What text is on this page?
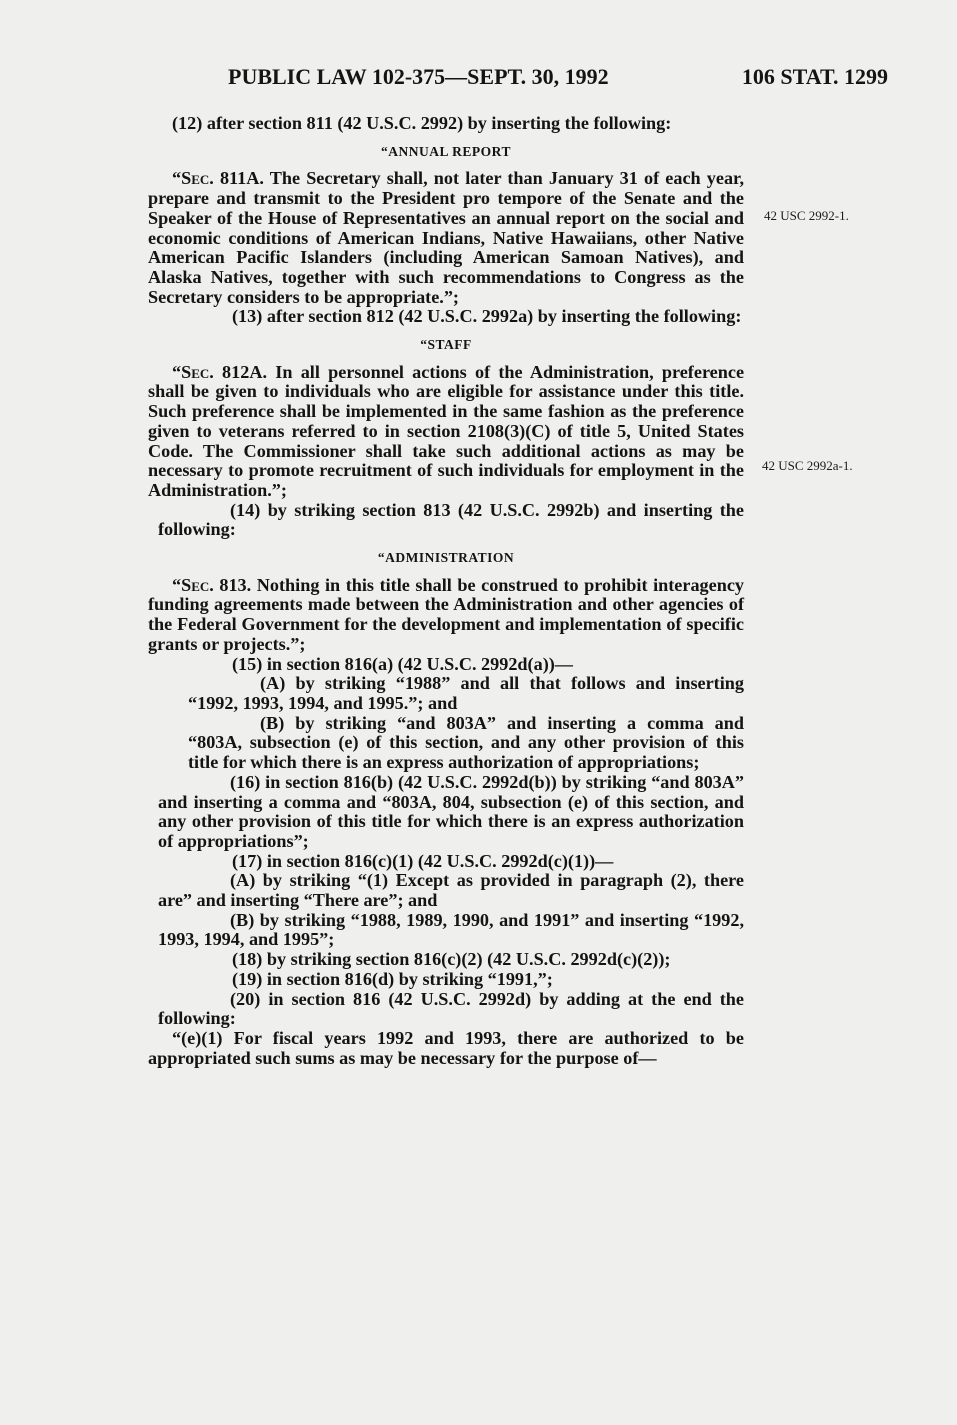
PUBLIC LAW 102-375—SEPT. 30, 1992	106 STAT. 1299
42 USC 2992-1.
42 USC 2992a-1.

(12) after section 811 (42 U.S.C. 2992) by inserting the following:

“ANNUAL REPORT

“Sec. 811A. The Secretary shall, not later than January 31 of each year, prepare and transmit to the President pro tempore of the Senate and the Speaker of the House of Representatives an annual report on the social and economic conditions of American Indians, Native Hawaiians, other Native American Pacific Islanders (including American Samoan Natives), and Alaska Natives, together with such recommendations to Congress as the Secretary considers to be appropriate.”;

(13) after section 812 (42 U.S.C. 2992a) by inserting the following:

“STAFF

“Sec. 812A. In all personnel actions of the Administration, preference shall be given to individuals who are eligible for assistance under this title. Such preference shall be implemented in the same fashion as the preference given to veterans referred to in section 2108(3)(C) of title 5, United States Code. The Commissioner shall take such additional actions as may be necessary to promote recruitment of such individuals for employment in the Administration.”;

(14) by striking section 813 (42 U.S.C. 2992b) and inserting the following:

“ADMINISTRATION

“Sec. 813. Nothing in this title shall be construed to prohibit interagency funding agreements made between the Administration and other agencies of the Federal Government for the development and implementation of specific grants or projects.”;

(15) in section 816(a) (42 U.S.C. 2992d(a))—

(A) by striking “1988” and all that follows and inserting “1992, 1993, 1994, and 1995.”; and

(B) by striking “and 803A” and inserting a comma and “803A, subsection (e) of this section, and any other provision of this title for which there is an express authorization of appropriations;

(16) in section 816(b) (42 U.S.C. 2992d(b)) by striking “and 803A” and inserting a comma and “803A, 804, subsection (e) of this section, and any other provision of this title for which there is an express authorization of appropriations”;

(17) in section 816(c)(1) (42 U.S.C. 2992d(c)(1))—

(A) by striking “(1) Except as provided in paragraph (2), there are” and inserting “There are”; and

(B) by striking “1988, 1989, 1990, and 1991” and inserting “1992, 1993, 1994, and 1995”;

(18) by striking section 816(c)(2) (42 U.S.C. 2992d(c)(2));

(19) in section 816(d) by striking “1991,”;

(20) in section 816 (42 U.S.C. 2992d) by adding at the end the following:

“(e)(1) For fiscal years 1992 and 1993, there are authorized to be appropriated such sums as may be necessary for the purpose of—
